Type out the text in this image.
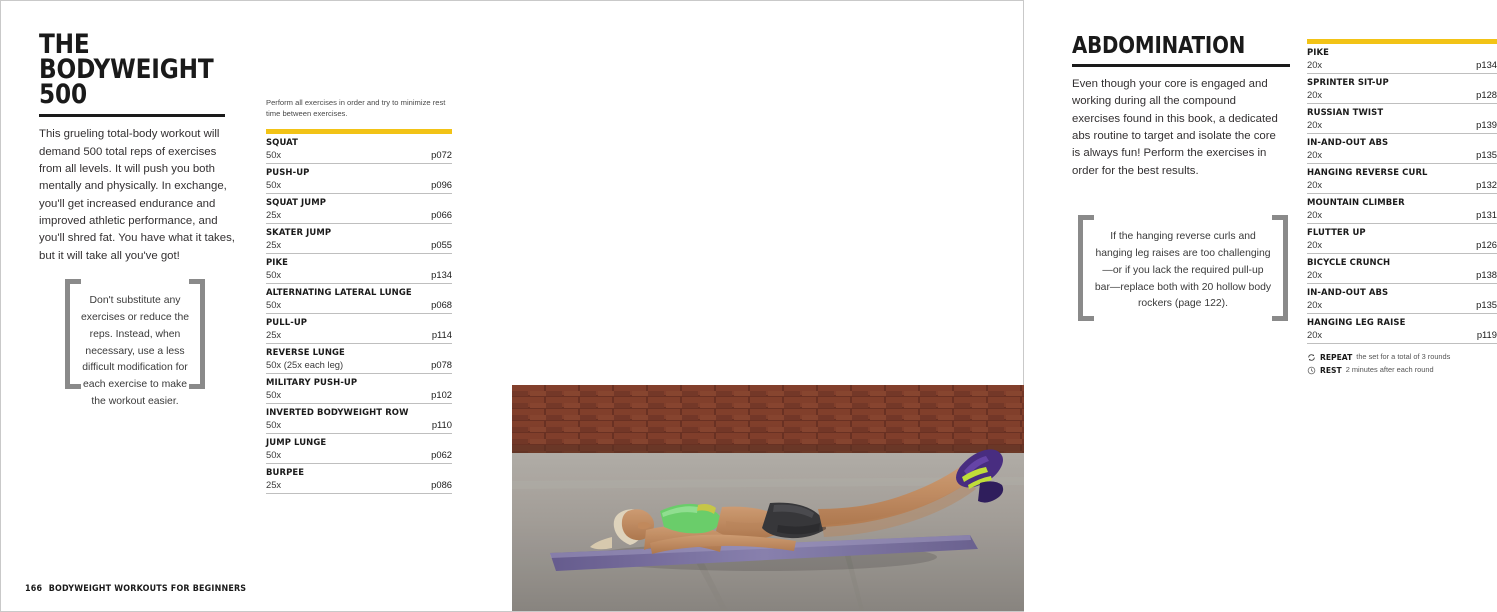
THE
BODYWEIGHT 500

This grueling total-body workout will demand 500 total reps of exercises from all levels. It will push you both mentally and physically. In exchange, you'll get increased endurance and improved athletic performance, and you'll shred fat. You have what it takes, but it will take all you've got!

Don't substitute any exercises or reduce the reps. Instead, when necessary, use a less difficult modification for each exercise to make the workout easier.

Perform all exercises in order and try to minimize rest time between exercises.

SQUAT
50x	p072
PUSH-UP
50x	p096
SQUAT JUMP
25x	p066
SKATER JUMP
25x	p055
PIKE
50x	p134
ALTERNATING LATERAL LUNGE
50x	p068
PULL-UP
25x	p114
REVERSE LUNGE
50x (25x each leg)	p078
MILITARY PUSH-UP
50x	p102
INVERTED BODYWEIGHT ROW
50x	p110
JUMP LUNGE
50x	p062
BURPEE
25x	p086
166 BODYWEIGHT WORKOUTS FOR BEGINNERS
ABDOMINATION

Even though your core is engaged and working during all the compound exercises found in this book, a dedicated abs routine to target and isolate the core is always fun! Perform the exercises in order for the best results.

If the hanging reverse curls and hanging leg raises are too challenging—or if you lack the required pull-up bar—replace both with 20 hollow body rockers (page 122).
PIKE
20x	p134
SPRINTER SIT-UP
20x	p128
RUSSIAN TWIST
20x	p139
IN-AND-OUT ABS
20x	p135
HANGING REVERSE CURL
20x	p132
MOUNTAIN CLIMBER
20x	p131
FLUTTER UP
20x	p126
BICYCLE CRUNCH
20x	p138
IN-AND-OUT ABS
20x	p135
HANGING LEG RAISE
20x	p119
REPEAT the set for a total of 3 rounds
REST 2 minutes after each round
